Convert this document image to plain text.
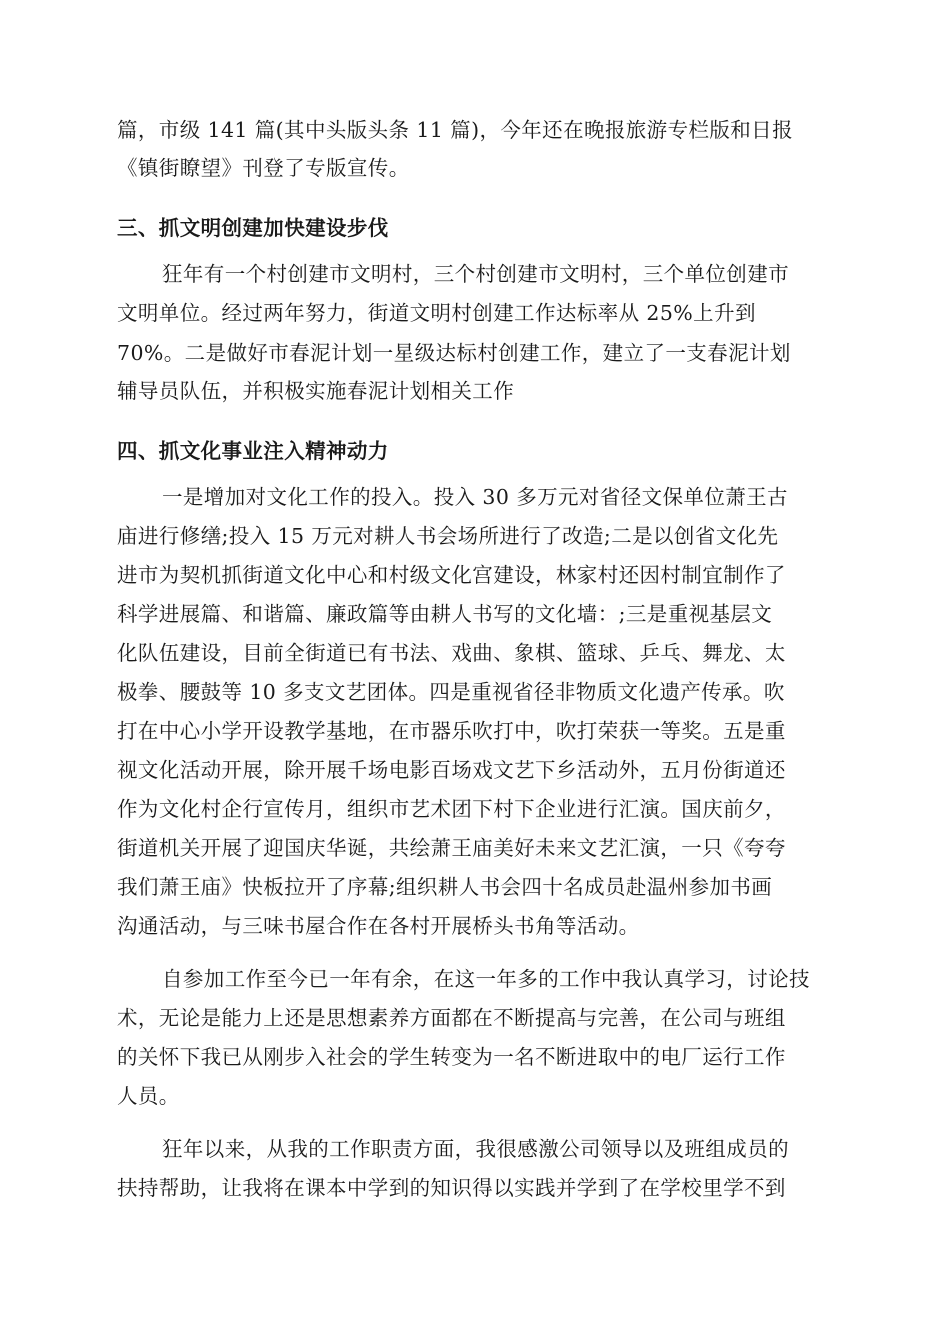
篇，市级 141 篇(其中头版头条 11 篇)，今年还在晚报旅游专栏版和日报
《镇街瞭望》刊登了专版宣传。
三、抓文明创建加快建设步伐
狂年有一个村创建市文明村，三个村创建市文明村，三个单位创建市
文明单位。经过两年努力，街道文明村创建工作达标率从 25%上升到
70%。二是做好市春泥计划一星级达标村创建工作，建立了一支春泥计划
辅导员队伍，并积极实施春泥计划相关工作
四、抓文化事业注入精神动力
一是增加对文化工作的投入。投入 30 多万元对省径文保单位萧王古
庙进行修缮;投入 15 万元对耕人书会场所进行了改造;二是以创省文化先
进市为契机抓街道文化中心和村级文化宫建设，林家村还因村制宜制作了
科学进展篇、和谐篇、廉政篇等由耕人书写的文化墙：;三是重视基层文
化队伍建设，目前全街道已有书法、戏曲、象棋、篮球、乒乓、舞龙、太
极拳、腰鼓等 10 多支文艺团体。四是重视省径非物质文化遗产传承。吹
打在中心小学开设教学基地，在市器乐吹打中，吹打荣获一等奖。五是重
视文化活动开展，除开展千场电影百场戏文艺下乡活动外，五月份街道还
作为文化村企行宣传月，组织市艺术团下村下企业进行汇演。国庆前夕，
街道机关开展了迎国庆华诞，共绘萧王庙美好未来文艺汇演，一只《夸夸
我们萧王庙》快板拉开了序幕;组织耕人书会四十名成员赴温州参加书画
沟通活动，与三味书屋合作在各村开展桥头书角等活动。
自参加工作至今已一年有余，在这一年多的工作中我认真学习，讨论技
术，无论是能力上还是思想素养方面都在不断提高与完善，在公司与班组
的关怀下我已从刚步入社会的学生转变为一名不断进取中的电厂运行工作
人员。
狂年以来，从我的工作职责方面，我很感激公司领导以及班组成员的
扶持帮助，让我将在课本中学到的知识得以实践并学到了在学校里学不到
